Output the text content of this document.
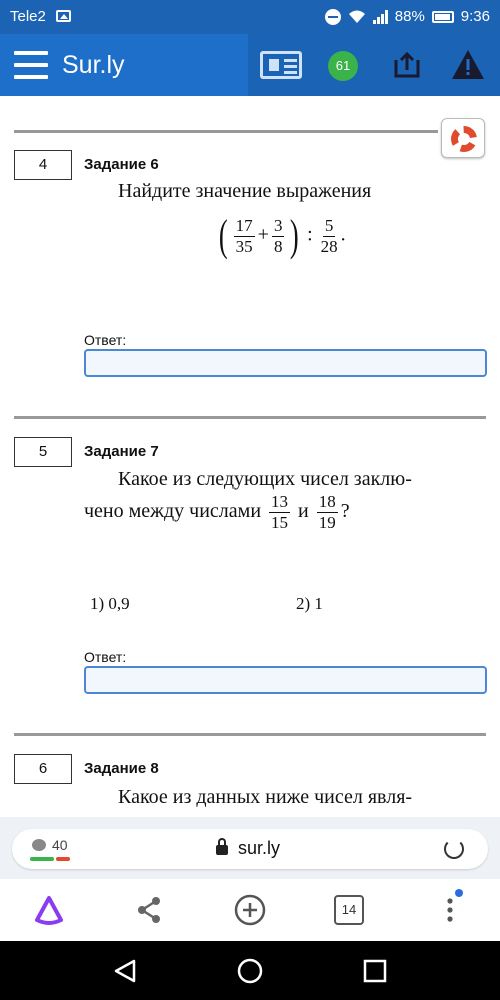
Tele2	88% 9:36
Sur.ly	61
4	Задание 6
Найдите значение выражения
( $\frac{17}{35} + \frac{3}{8}$ ) : $\frac{5}{28}$ .
Ответ:
5	Задание 7
Какое из следующих чисел заклю-
чено между числами $\frac{13}{15}$ и $\frac{18}{19}$ ?
1) 0,9	2) 1
Ответ:
6	Задание 8
Какое из данных ниже чисел явля-
40	sur.ly
14
